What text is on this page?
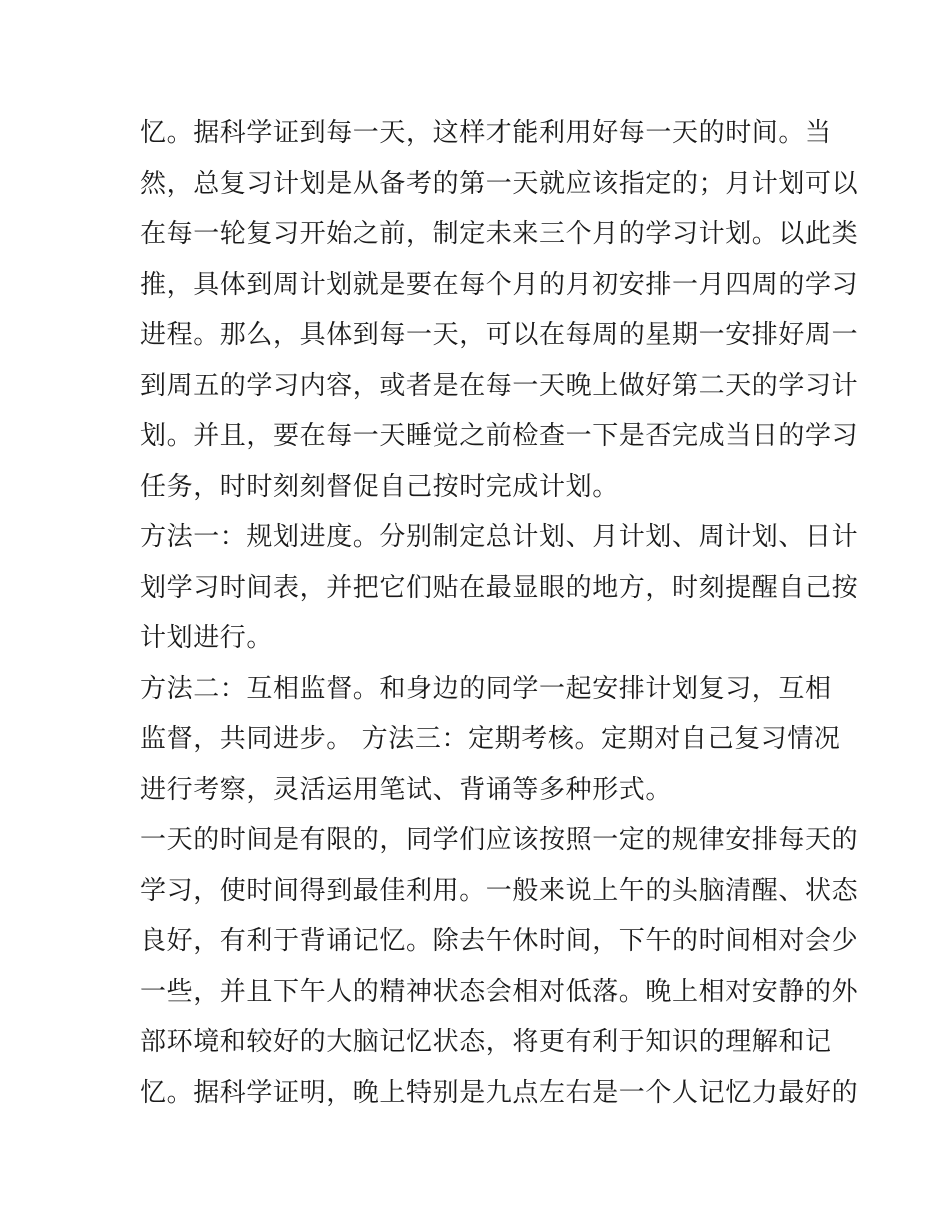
忆。据科学证到每一天，这样才能利用好每一天的时间。当
然，总复习计划是从备考的第一天就应该指定的；月计划可以
在每一轮复习开始之前，制定未来三个月的学习计划。以此类
推，具体到周计划就是要在每个月的月初安排一月四周的学习
进程。那么，具体到每一天，可以在每周的星期一安排好周一
到周五的学习内容，或者是在每一天晚上做好第二天的学习计
划。并且，要在每一天睡觉之前检查一下是否完成当日的学习
任务，时时刻刻督促自己按时完成计划。
方法一：规划进度。分别制定总计划、月计划、周计划、日计
划学习时间表，并把它们贴在最显眼的地方，时刻提醒自己按
计划进行。
方法二：互相监督。和身边的同学一起安排计划复习，互相
监督，共同进步。 方法三：定期考核。定期对自己复习情况
进行考察，灵活运用笔试、背诵等多种形式。
一天的时间是有限的，同学们应该按照一定的规律安排每天的
学习，使时间得到最佳利用。一般来说上午的头脑清醒、状态
良好，有利于背诵记忆。除去午休时间，下午的时间相对会少
一些，并且下午人的精神状态会相对低落。晚上相对安静的外
部环境和较好的大脑记忆状态，将更有利于知识的理解和记
忆。据科学证明，晚上特别是九点左右是一个人记忆力最好的
